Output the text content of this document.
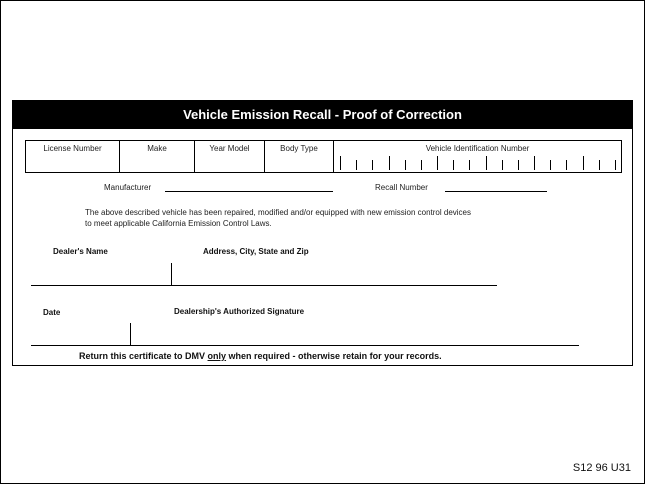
Vehicle Emission Recall - Proof of Correction
License Number	Make	Year Model	Body Type	Vehicle Identification Number
Manufacturer	Recall Number
The above described vehicle has been repaired, modified and/or equipped with new emission control devices
to meet applicable California Emission Control Laws.
Dealer's Name	Address, City, State and Zip
Date	Dealership's Authorized Signature
Return this certificate to DMV only when required - otherwise retain for your records.
S12 96 U31
